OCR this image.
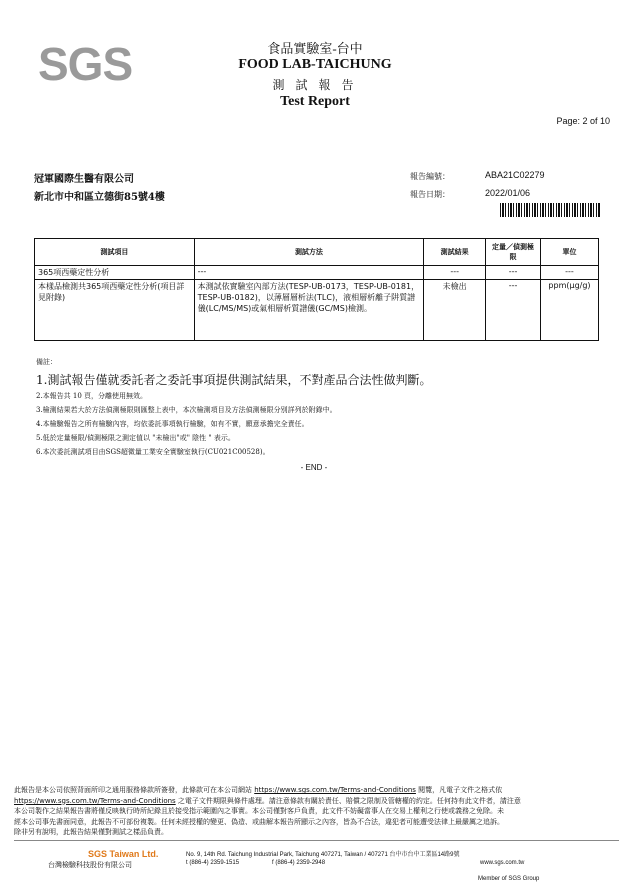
SGS	食品實驗室-台中
FOOD LAB-TAICHUNG
測 試 報 告
Test Report
Page: 2 of 10
冠軍國際生醫有限公司
新北市中和區立德街85號4樓
報告編號：	ABA21C02279
報告日期：	2022/01/06
測試項目	測試方法	測試結果	定量／偵測極限	單位
365項西藥定性分析	---	---	---	---
本樣品檢測共365項西藥定性分析(項目詳見附錄)	本測試依實驗室內部方法(TESP-UB-0173，TESP-UB-0181，TESP-UB-0182)，以薄層層析法(TLC)，液相層析離子阱質譜儀(LC/MS/MS)或氣相層析質譜儀(GC/MS)檢測。	未檢出	---	ppm(μg/g)
備註：
1.測試報告僅就委託者之委託事項提供測試結果，不對產品合法性做判斷。
2.本報告共 10 頁，分離使用無效。
3.檢測結果若大於方法偵測極限則匯整上表中，本次檢測項目及方法偵測極限分別詳列於附錄中。
4.本檢驗報告之所有檢驗內容，均依委託事項執行檢驗，如有不實，願意承擔完全責任。
5.低於定量極限/偵測極限之測定值以 "未檢出"或" 陰性 " 表示。
6.本次委託測試項目由SGS超微量工業安全實驗室執行(CU021C00528)。
- END -
此報告是本公司依照背面所印之通用服務條款所簽發，此條款可在本公司網站 https://www.sgs.com.tw/Terms-and-Conditions 閱覽，凡電子文件之格式依
https://www.sgs.com.tw/Terms-and-Conditions 之電子文件期限與條件處理。請注意條款有關於責任、賠償之限制及管轄權的約定。任何持有此文件者，請注意
本公司製作之結果報告書將僅反映執行時所紀錄且於接受指示範圍內之事實。本公司僅對客戶負責，此文件不妨礙當事人在交易上權利之行使或義務之免除。未
經本公司事先書面同意，此報告不可部份複製。任何未經授權的變更、偽造、或曲解本報告所顯示之內容，皆為不合法，違犯者可能遭受法律上最嚴厲之追訴。
除非另有說明，此報告結果僅對測試之樣品負責。
SGS Taiwan Ltd.
台灣檢驗科技股份有限公司
No. 9, 14th Rd. Taichung Industrial Park, Taichung 407271, Taiwan / 407271 台中市台中工業區14路9號
t (886-4) 2359-1515	f (886-4) 2359-2948	www.sgs.com.tw
Member of SGS Group
